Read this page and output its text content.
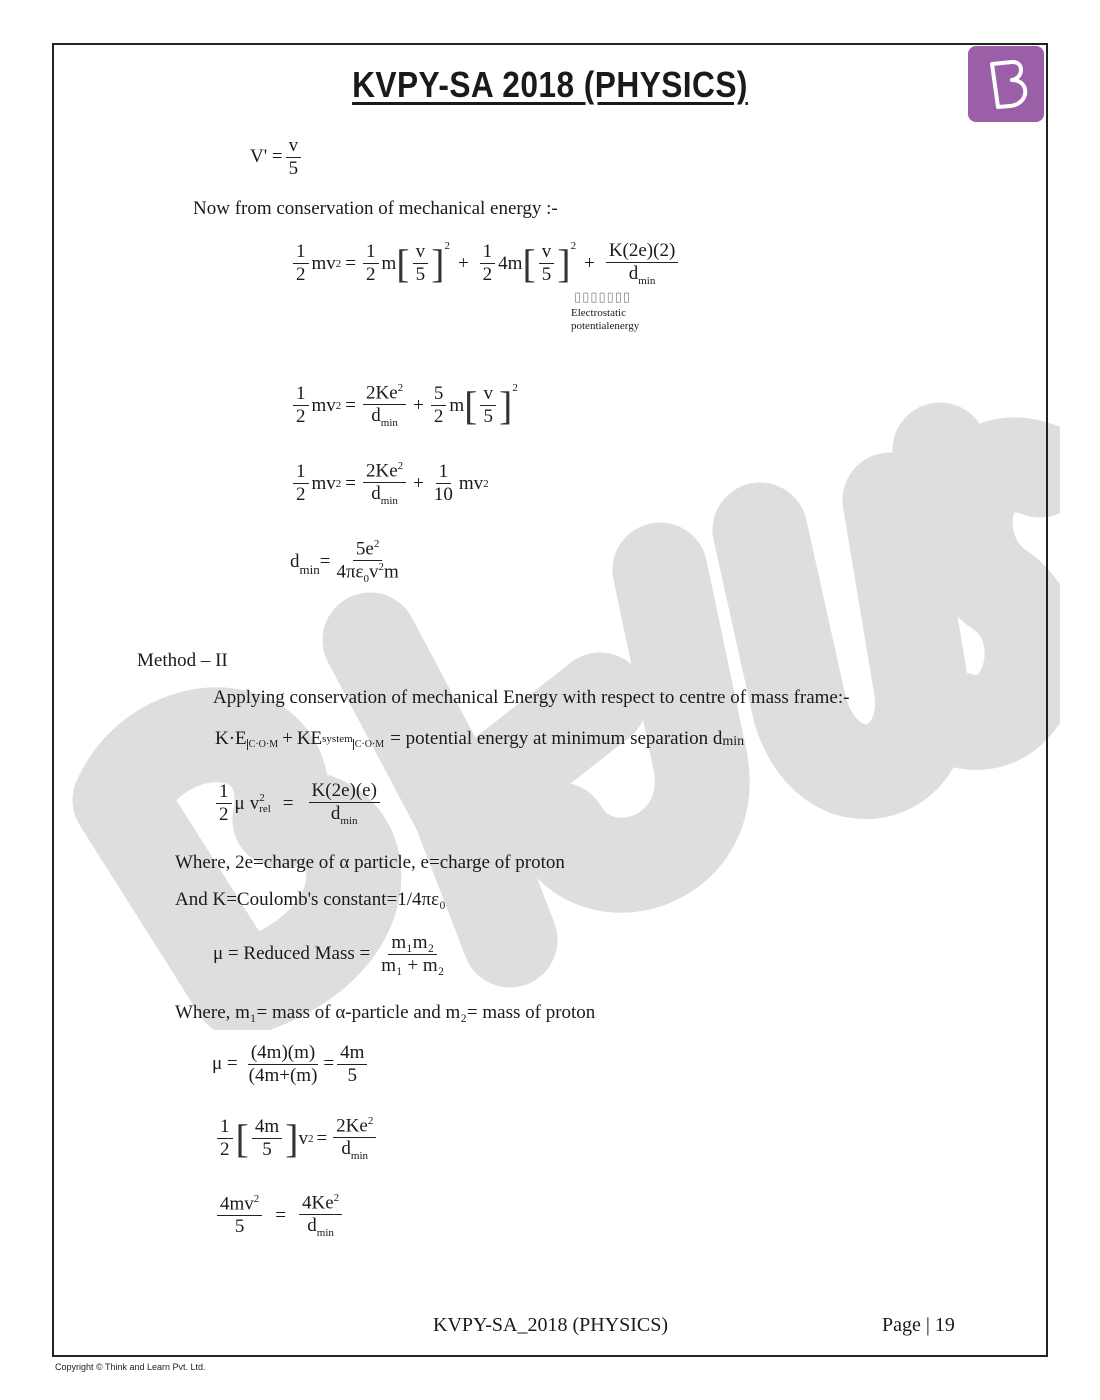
KVPY-SA 2018 (PHYSICS)
$V' = \frac{v}{5}$
Now from conservation of mechanical energy :-
$\frac{1}{2}$ mv $2 = \frac{1}{2}$ m [ $\frac{v}{5}$ ] 2
+ $\frac{1}{2} 4m$ [ $\frac{v}{5}$ ] 2
+ $\frac{K(2e)(2)}{d_{min}}$
▯▯▯▯▯▯▯
Electrostatic
potentialenergy
$\frac{1}{2}$ mv $2 = \frac{2Ke^2}{d_{min}} + \frac{5}{2}$ m [ $\frac{v}{5}$ ] 2
$\frac{1}{2}$ mv $2 = \frac{2Ke^2}{d_{min}} + \frac{1}{10}$ mv 2
d $\min = \frac{5e^2}{4\pi\varepsilon_0v^2m}$
Method – II
Applying conservation of mechanical Energy with respect to centre of mass frame:-
K·E C·O·M + KE system C·O·M = potential energy at minimum separation d min
$\frac{1}{2}$ μ v 2
rel = $\frac{K(2e)(e)}{d_{min}}$
Where, 2e=charge of α particle, e=charge of proton
And K=Coulomb's constant=1/4πε₀
μ = Reduced Mass = $\frac{\text{m₁m₂}}{\text{m₁ + m₂}}$
Where, m₁= mass of α-particle and m₂= mass of proton
$\mu = \frac{(4m)(m)}{(4m+(m)} = \frac{4m}{5}$
$\frac{1}{2}$ [ $\frac{4m}{5}$ ] v $2 = \frac{2Ke^2}{d_{min}}$
$\frac{4mv^2}{5} = \frac{4Ke^2}{d_{min}}$
KVPY-SA_2018 (PHYSICS)	Page | 19
Copyright © Think and Learn Pvt. Ltd.
